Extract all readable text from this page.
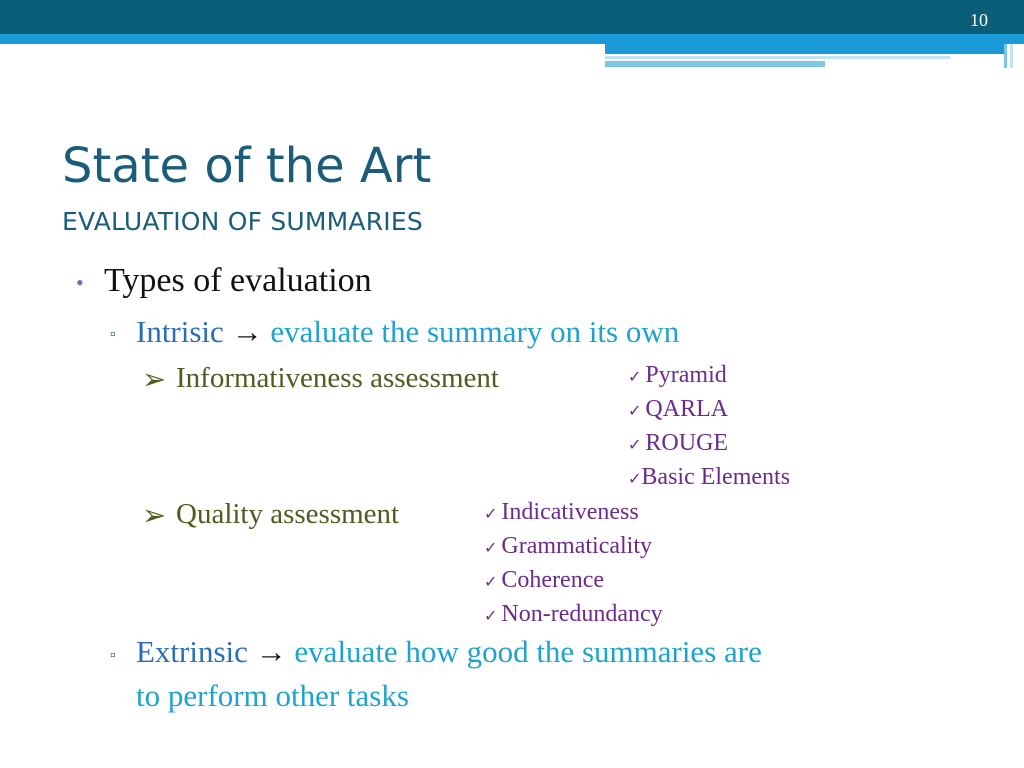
10
State of the Art
EVALUATION OF SUMMARIES
• Types of evaluation
▫ Intrisic → evaluate the summary on its own
➢ Informativeness assessment	✓ Pyramid
✓ QARLA
✓ ROUGE
✓Basic Elements
➢ Quality assessment	✓ Indicativeness
✓ Grammaticality
✓ Coherence
✓ Non-redundancy
▫ Extrinsic → evaluate how good the summaries are
to perform other tasks
